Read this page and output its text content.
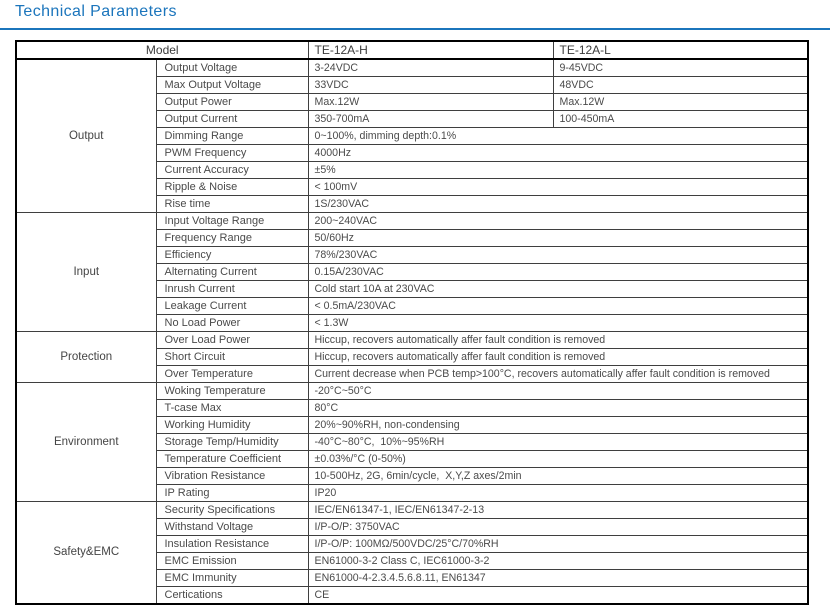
Technical Parameters
Model		TE-12A-H	TE-12A-L
Output	Output Voltage	3-24VDC	9-45VDC
	Max Output Voltage	33VDC	48VDC
	Output Power	Max.12W	Max.12W
	Output Current	350-700mA	100-450mA
	Dimming Range	0~100%, dimming depth:0.1%	
	PWM Frequency	4000Hz	
	Current Accuracy	±5%	
	Ripple & Noise	< 100mV	
	Rise time	1S/230VAC	
Input	Input Voltage Range	200~240VAC	
	Frequency Range	50/60Hz	
	Efficiency	78%/230VAC	
	Alternating Current	0.15A/230VAC	
	Inrush Current	Cold start 10A at 230VAC	
	Leakage Current	< 0.5mA/230VAC	
	No Load Power	< 1.3W	
Protection	Over Load Power	Hiccup, recovers automatically affer fault condition is removed	
	Short Circuit	Hiccup, recovers automatically affer fault condition is removed	
	Over Temperature	Current decrease when PCB temp>100°C, recovers automatically affer fault condition is removed	
Environment	Woking Temperature	-20°C~50°C	
	T-case Max	80°C	
	Working Humidity	20%~90%RH, non-condensing	
	Storage Temp/Humidity	-40°C~80°C,  10%~95%RH	
	Temperature Coefficient	±0.03%/°C (0-50%)	
	Vibration Resistance	10-500Hz, 2G, 6min/cycle,  X,Y,Z axes/2min	
	IP Rating	IP20	
Safety&EMC	Security Specifications	IEC/EN61347-1, IEC/EN61347-2-13	
	Withstand Voltage	I/P-O/P: 3750VAC	
	Insulation Resistance	I/P-O/P: 100MΩ/500VDC/25°C/70%RH	
	EMC Emission	EN61000-3-2 Class C, IEC61000-3-2	
	EMC Immunity	EN61000-4-2.3.4.5.6.8.11, EN61347	
	Certications	CE	
